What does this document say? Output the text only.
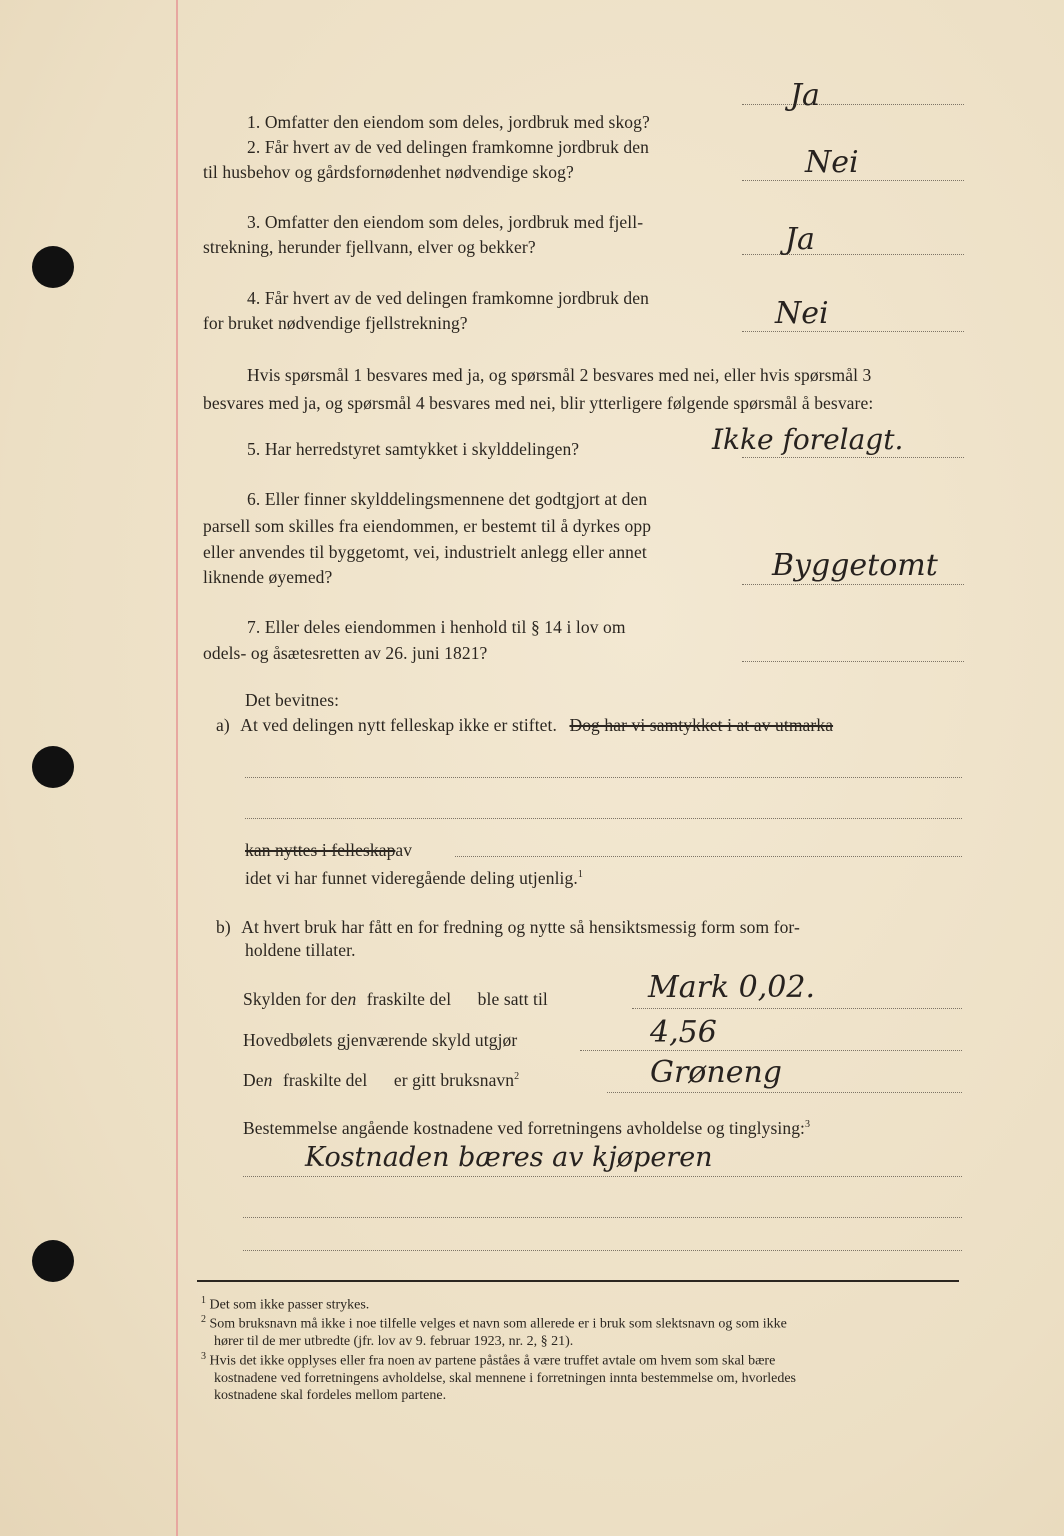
1. Omfatter den eiendom som deles, jordbruk med skog?
Ja
2. Får hvert av de ved delingen framkomne jordbruk den
til husbehov og gårdsfornødenhet nødvendige skog?	Nei
3. Omfatter den eiendom som deles, jordbruk med fjell-
strekning, herunder fjellvann, elver og bekker?	Ja
4. Får hvert av de ved delingen framkomne jordbruk den
for bruket nødvendige fjellstrekning?	Nei
Hvis spørsmål 1 besvares med ja, og spørsmål 2 besvares med nei, eller hvis spørsmål 3
besvares med ja, og spørsmål 4 besvares med nei, blir ytterligere følgende spørsmål å besvare:
5. Har herredstyret samtykket i skylddelingen?	Ikke forelagt.
6. Eller finner skylddelingsmennene det godtgjort at den
parsell som skilles fra eiendommen, er bestemt til å dyrkes opp
eller anvendes til byggetomt, vei, industrielt anlegg eller annet
liknende øyemed?	Byggetomt
7. Eller deles eiendommen i henhold til § 14 i lov om
odels- og åsætesretten av 26. juni 1821?
Det bevitnes:
a) At ved delingen nytt felleskap ikke er stiftet. Dog har vi samtykket i at av utmarka
kan nyttes i felleskapav
idet vi har funnet videregående deling utjenlig.$^1$
b) At hvert bruk har fått en for fredning og nytte så hensiktsmessig form som for-
holdene tillater.
Skylden for den fraskilte del ble satt til	Mark 0,02.
Hovedbølets gjenværende skyld utgjør	4,56
Den fraskilte del er gitt bruksnavn$^2$	Grøneng
Bestemmelse angående kostnadene ved forretningens avholdelse og tinglysing:$^3$
Kostnaden bæres av kjøperen
$^1$ Det som ikke passer strykes.
$^2$ Som bruksnavn må ikke i noe tilfelle velges et navn som allerede er i bruk som slektsnavn og som ikke
hører til de mer utbredte (jfr. lov av 9. februar 1923, nr. 2, § 21).
$^3$ Hvis det ikke opplyses eller fra noen av partene påståes å være truffet avtale om hvem som skal bære
kostnadene ved forretningens avholdelse, skal mennene i forretningen innta bestemmelse om, hvorledes
kostnadene skal fordeles mellom partene.
